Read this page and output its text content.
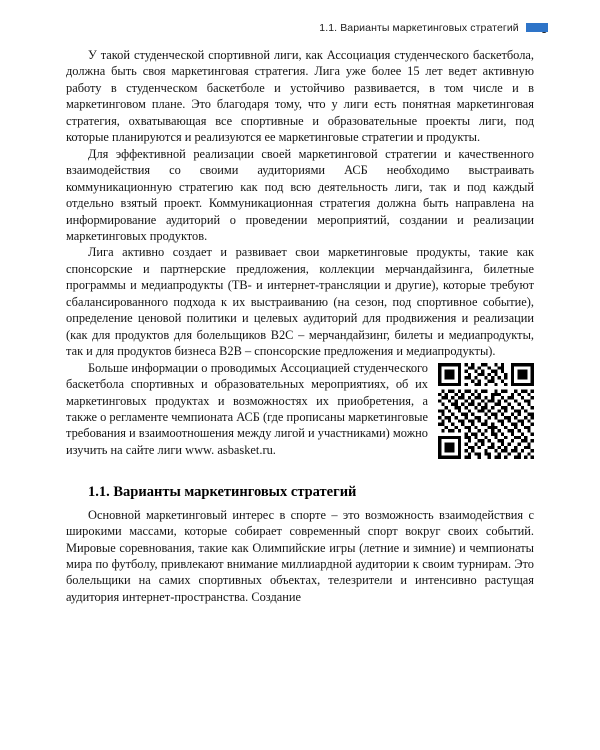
1.1. Варианты маркетинговых стратегий

У такой студенческой спортивной лиги, как Ассоциация студенческого баскетбола, должна быть своя маркетинговая стратегия. Лига уже более 15 лет ведет активную работу в студенческом баскетболе и устойчиво развивается, в том числе и в маркетинговом плане. Это благодаря тому, что у лиги есть понятная маркетинговая стратегия, охватывающая все спортивные и образовательные проекты лиги, под которые планируются и реализуются ее маркетинговые стратегии и продукты.

Для эффективной реализации своей маркетинговой стратегии и качественного взаимодействия со своими аудиториями АСБ необходимо выстраивать коммуникационную стратегию как под всю деятельность лиги, так и под каждый отдельно взятый проект. Коммуникационная стратегия должна быть направлена на информирование аудиторий о проведении мероприятий, создании и реализации маркетинговых продуктов.

Лига активно создает и развивает свои маркетинговые продукты, такие как спонсорские и партнерские предложения, коллекции мерчандайзинга, билетные программы и медиапродукты (ТВ- и интернет-трансляции и другие), которые требуют сбалансированного подхода к их выстраиванию (на сезон, под спортивное событие), определение ценовой политики и целевых аудиторий для продвижения и реализации (как для продуктов для болельщиков B2C – мерчандайзинг, билеты и медиапродукты, так и для продуктов бизнеса B2B – спонсорские предложения и медиапродукты).

Больше информации о проводимых Ассоциацией студенческого баскетбола спортивных и образовательных мероприятиях, об их маркетинговых продуктах и возможностях их приобретения, а также о регламенте чемпионата АСБ (где прописаны маркетинговые требования и взаимоотношения между лигой и участниками) можно изучить на сайте лиги www. asbasket.ru.

1.1. Варианты маркетинговых стратегий

Основной маркетинговый интерес в спорте – это возможность взаимодействия с широкими массами, которые собирает современный спорт вокруг своих событий. Мировые соревнования, такие как Олимпийские игры (летние и зимние) и чемпионаты мира по футболу, привлекают внимание миллиардной аудитории к своим турнирам. Это болельщики на самих спортивных объектах, телезрители и интенсивно растущая аудитория интернет-пространства. Создание
